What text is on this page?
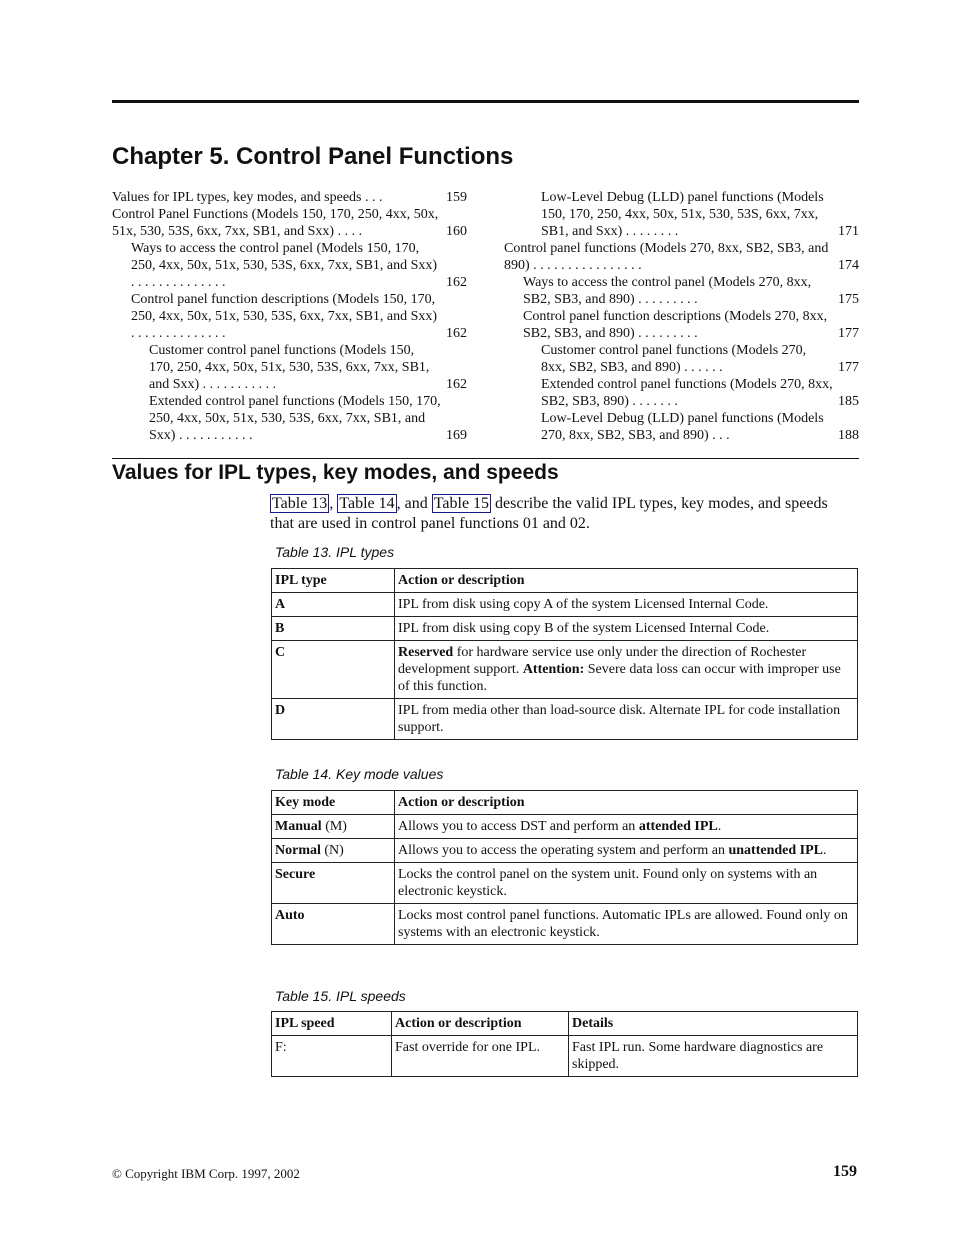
Chapter 5. Control Panel Functions

Values for IPL types, key modes, and speeds . . .	159

Control Panel Functions (Models 150, 170, 250, 4xx, 50x, 51x, 530, 53S, 6xx, 7xx, SB1, and Sxx) . . . .	160

Ways to access the control panel (Models 150, 170, 250, 4xx, 50x, 51x, 530, 53S, 6xx, 7xx, SB1, and Sxx) . . . . . . . . . . . . . .	162

Control panel function descriptions (Models 150, 170, 250, 4xx, 50x, 51x, 530, 53S, 6xx, 7xx, SB1, and Sxx) . . . . . . . . . . . . . .	162

Customer control panel functions (Models 150, 170, 250, 4xx, 50x, 51x, 530, 53S, 6xx, 7xx, SB1, and Sxx) . . . . . . . . . . .	162

Extended control panel functions (Models 150, 170, 250, 4xx, 50x, 51x, 530, 53S, 6xx, 7xx, SB1, and Sxx) . . . . . . . . . . .	169

Low-Level Debug (LLD) panel functions (Models 150, 170, 250, 4xx, 50x, 51x, 530, 53S, 6xx, 7xx, SB1, and Sxx) . . . . . . . .	171

Control panel functions (Models 270, 8xx, SB2, SB3, and 890) . . . . . . . . . . . . . . . .	174

Ways to access the control panel (Models 270, 8xx, SB2, SB3, and 890) . . . . . . . . .	175

Control panel function descriptions (Models 270, 8xx, SB2, SB3, and 890) . . . . . . . . .	177

Customer control panel functions (Models 270, 8xx, SB2, SB3, and 890) . . . . . .	177

Extended control panel functions (Models 270, 8xx, SB2, SB3, 890) . . . . . . .	185

Low-Level Debug (LLD) panel functions (Models 270, 8xx, SB2, SB3, and 890) . . .	188

Values for IPL types, key modes, and speeds

Table 13 , Table 14 , and Table 15 describe the valid IPL types, key modes, and speeds that are used in control panel functions 01 and 02.

Table 13. IPL types

IPL type	Action or description
A	IPL from disk using copy A of the system Licensed Internal Code.
B	IPL from disk using copy B of the system Licensed Internal Code.
C	Reserved for hardware service use only under the direction of Rochester development support. Attention: Severe data loss can occur with improper use of this function.
D	IPL from media other than load-source disk. Alternate IPL for code installation support.

Table 14. Key mode values

Key mode	Action or description
Manual (M)	Allows you to access DST and perform an attended IPL.
Normal (N)	Allows you to access the operating system and perform an unattended IPL.
Secure	Locks the control panel on the system unit. Found only on systems with an electronic keystick.
Auto	Locks most control panel functions. Automatic IPLs are allowed. Found only on systems with an electronic keystick.

Table 15. IPL speeds

IPL speed	Action or description	Details
F:	Fast override for one IPL.	Fast IPL run. Some hardware diagnostics are skipped.
© Copyright IBM Corp. 1997, 2002	159
